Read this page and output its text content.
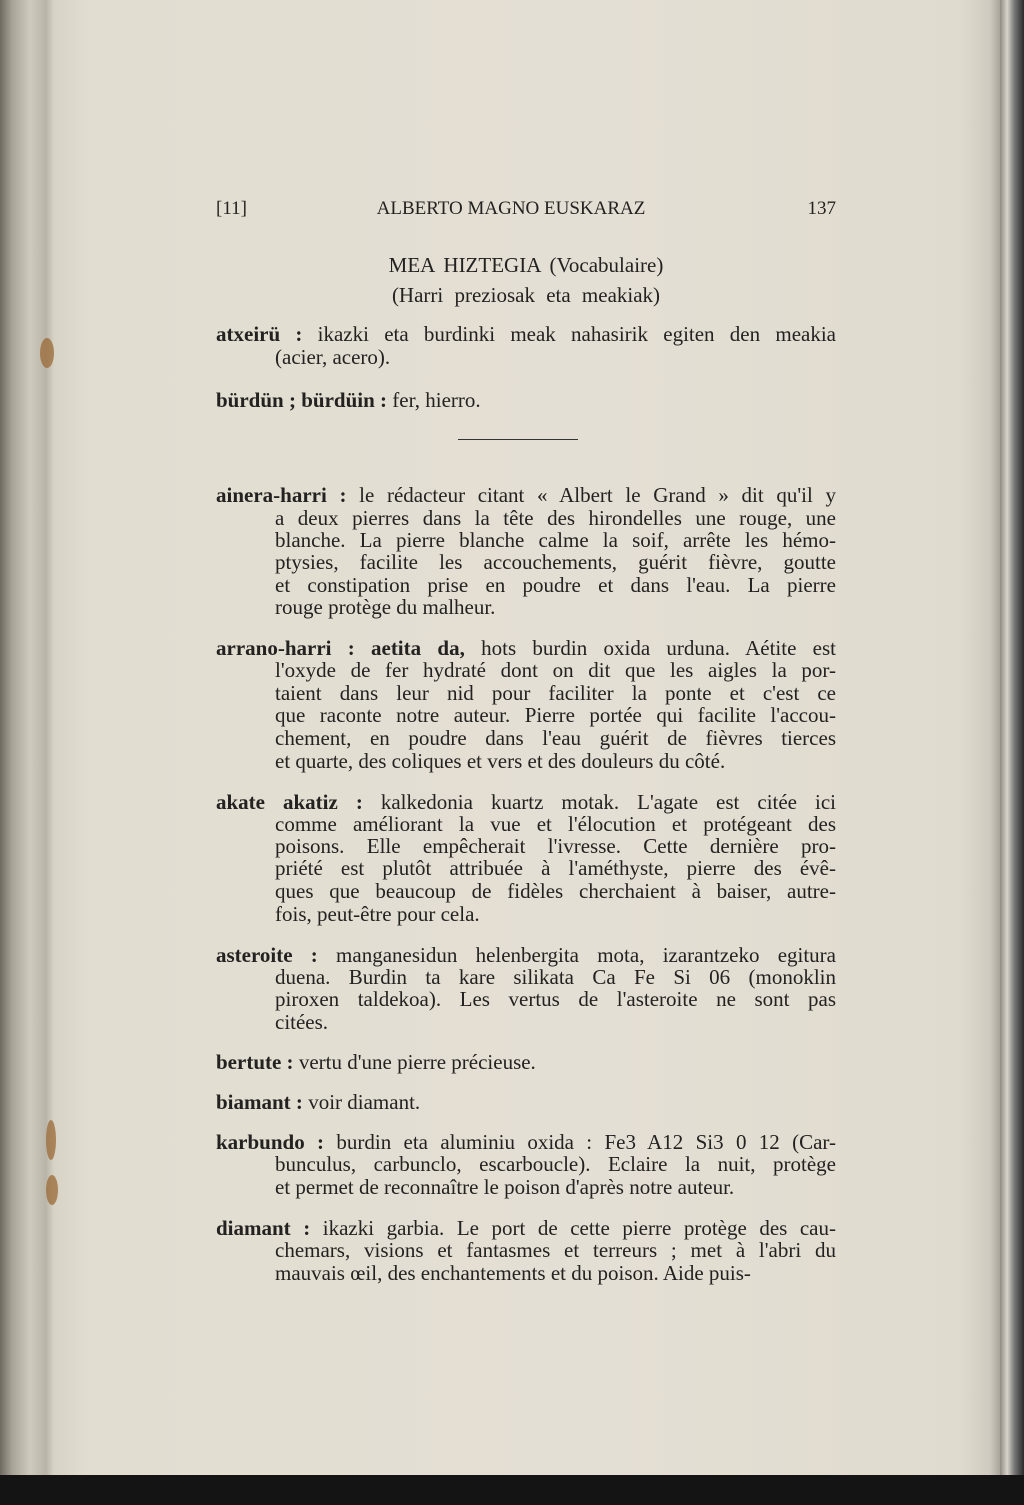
[11]	ALBERTO MAGNO EUSKARAZ	137
MEA HIZTEGIA (Vocabulaire)
(Harri preziosak eta meakiak)
atxeirü : ikazki eta burdinki meak nahasirik egiten den meakia
(acier, acero).
bürdün ; bürdüin : fer, hierro.
ainera-harri : le rédacteur citant « Albert le Grand » dit qu'il y
a deux pierres dans la tête des hirondelles une rouge, une
blanche. La pierre blanche calme la soif, arrête les hémo-
ptysies, facilite les accouchements, guérit fièvre, goutte
et constipation prise en poudre et dans l'eau. La pierre
rouge protège du malheur.
arrano-harri : aetita da, hots burdin oxida urduna. Aétite est
l'oxyde de fer hydraté dont on dit que les aigles la por-
taient dans leur nid pour faciliter la ponte et c'est ce
que raconte notre auteur. Pierre portée qui facilite l'accou-
chement, en poudre dans l'eau guérit de fièvres tierces
et quarte, des coliques et vers et des douleurs du côté.
akate akatiz : kalkedonia kuartz motak. L'agate est citée ici
comme améliorant la vue et l'élocution et protégeant des
poisons. Elle empêcherait l'ivresse. Cette dernière pro-
priété est plutôt attribuée à l'améthyste, pierre des évê-
ques que beaucoup de fidèles cherchaient à baiser, autre-
fois, peut-être pour cela.
asteroite : manganesidun helenbergita mota, izarantzeko egitura
duena. Burdin ta kare silikata Ca Fe Si 06 (monoklin
piroxen taldekoa). Les vertus de l'asteroite ne sont pas
citées.
bertute : vertu d'une pierre précieuse.
biamant : voir diamant.
karbundo : burdin eta aluminiu oxida : Fe3 A12 Si3 0 12 (Car-
bunculus, carbunclo, escarboucle). Eclaire la nuit, protège
et permet de reconnaître le poison d'après notre auteur.
diamant : ikazki garbia. Le port de cette pierre protège des cau-
chemars, visions et fantasmes et terreurs ; met à l'abri du
mauvais œil, des enchantements et du poison. Aide puis-
